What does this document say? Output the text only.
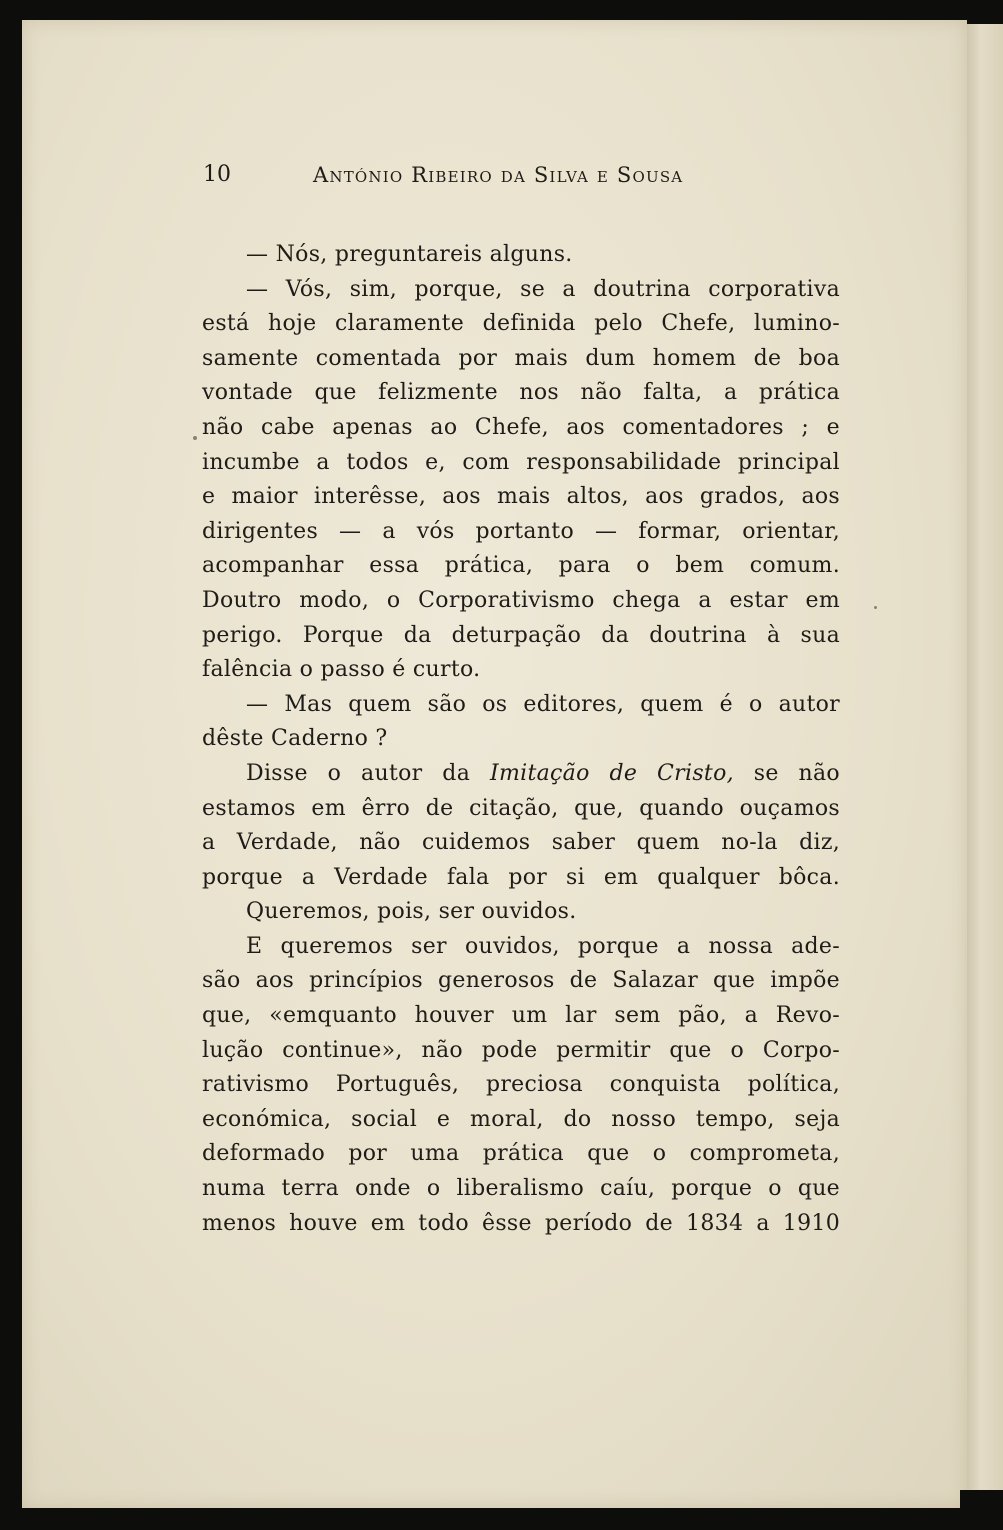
10	António Ribeiro da Silva e Sousa
— Nós, preguntareis alguns.
— Vós, sim, porque, se a doutrina corporativa
está hoje claramente definida pelo Chefe, lumino-
samente comentada por mais dum homem de boa
vontade que felizmente nos não falta, a prática
não cabe apenas ao Chefe, aos comentadores ; e
incumbe a todos e, com responsabilidade principal
e maior interêsse, aos mais altos, aos grados, aos
dirigentes — a vós portanto — formar, orientar,
acompanhar essa prática, para o bem comum.
Doutro modo, o Corporativismo chega a estar em
perigo. Porque da deturpação da doutrina à sua
falência o passo é curto.
— Mas quem são os editores, quem é o autor
dêste Caderno ?
Disse o autor da Imitação de Cristo, se não
estamos em êrro de citação, que, quando ouçamos
a Verdade, não cuidemos saber quem no-la diz,
porque a Verdade fala por si em qualquer bôca.
Queremos, pois, ser ouvidos.
E queremos ser ouvidos, porque a nossa ade-
são aos princípios generosos de Salazar que impõe
que, «emquanto houver um lar sem pão, a Revo-
lução continue», não pode permitir que o Corpo-
rativismo Português, preciosa conquista política,
económica, social e moral, do nosso tempo, seja
deformado por uma prática que o comprometa,
numa terra onde o liberalismo caíu, porque o que
menos houve em todo êsse período de 1834 a 1910
